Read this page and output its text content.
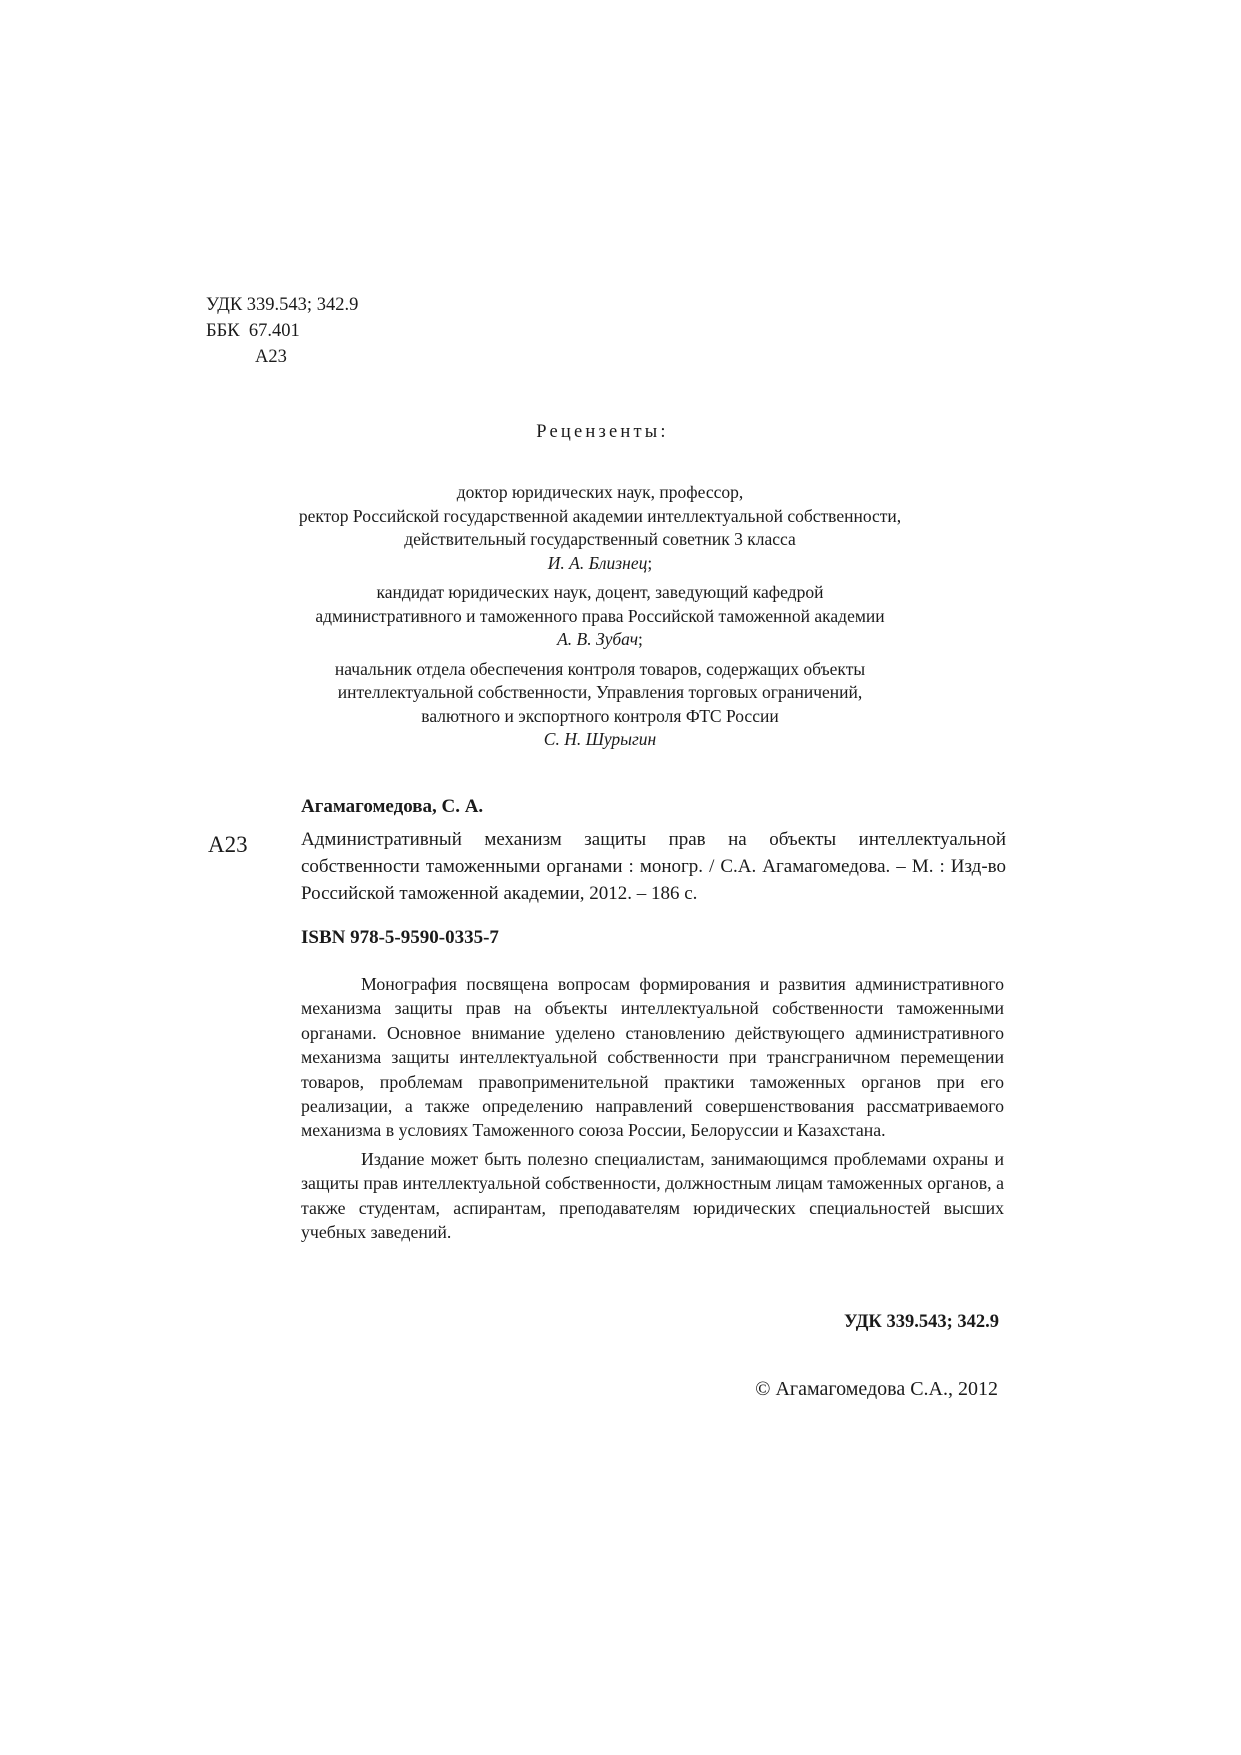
УДК 339.543; 342.9
ББК  67.401
А23
Рецензенты:
доктор юридических наук, профессор,
ректор Российской государственной академии интеллектуальной собственности,
действительный государственный советник 3 класса
И. А. Близнец;
кандидат юридических наук, доцент, заведующий кафедрой
административного и таможенного права Российской таможенной академии
А. В. Зубач;
начальник отдела обеспечения контроля товаров, содержащих объекты
интеллектуальной собственности, Управления торговых ограничений,
валютного и экспортного контроля ФТС России
С. Н. Шурыгин
Агамагомедова, С. А.
А23	Административный механизм защиты прав на объекты интеллектуальной собственности таможенными органами : моногр. / С.А. Агамагомедова. – М. : Изд-во Российской таможенной академии, 2012. – 186 с.

ISBN 978-5-9590-0335-7

Монография посвящена вопросам формирования и развития административного механизма защиты прав на объекты интеллектуальной собственности таможенными органами. Основное внимание уделено становлению действующего административного механизма защиты интеллектуальной собственности при трансграничном перемещении товаров, проблемам правоприменительной практики таможенных органов при его реализации, а также определению направлений совершенствования рассматриваемого механизма в условиях Таможенного союза России, Белоруссии и Казахстана.

Издание может быть полезно специалистам, занимающимся проблемами охраны и защиты прав интеллектуальной собственности, должностным лицам таможенных органов, а также студентам, аспирантам, преподавателям юридических специальностей высших учебных заведений.

УДК 339.543; 342.9
© Агамагомедова С.А., 2012
